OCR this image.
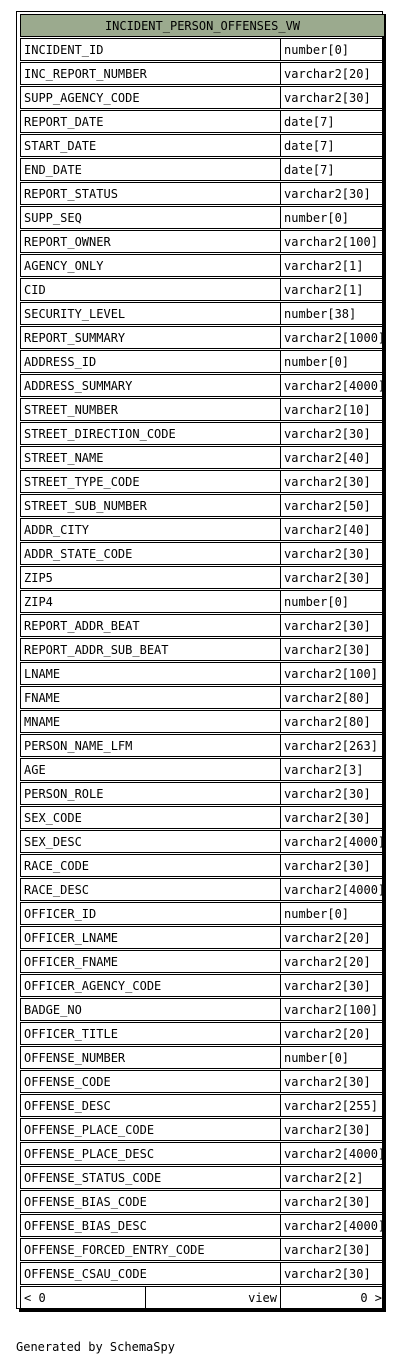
INCIDENT_PERSON_OFFENSES_VW
INCIDENT_ID	number[0]
INC_REPORT_NUMBER	varchar2[20]
SUPP_AGENCY_CODE	varchar2[30]
REPORT_DATE	date[7]
START_DATE	date[7]
END_DATE	date[7]
REPORT_STATUS	varchar2[30]
SUPP_SEQ	number[0]
REPORT_OWNER	varchar2[100]
AGENCY_ONLY	varchar2[1]
CID	varchar2[1]
SECURITY_LEVEL	number[38]
REPORT_SUMMARY	varchar2[1000]
ADDRESS_ID	number[0]
ADDRESS_SUMMARY	varchar2[4000]
STREET_NUMBER	varchar2[10]
STREET_DIRECTION_CODE	varchar2[30]
STREET_NAME	varchar2[40]
STREET_TYPE_CODE	varchar2[30]
STREET_SUB_NUMBER	varchar2[50]
ADDR_CITY	varchar2[40]
ADDR_STATE_CODE	varchar2[30]
ZIP5	varchar2[30]
ZIP4	number[0]
REPORT_ADDR_BEAT	varchar2[30]
REPORT_ADDR_SUB_BEAT	varchar2[30]
LNAME	varchar2[100]
FNAME	varchar2[80]
MNAME	varchar2[80]
PERSON_NAME_LFM	varchar2[263]
AGE	varchar2[3]
PERSON_ROLE	varchar2[30]
SEX_CODE	varchar2[30]
SEX_DESC	varchar2[4000]
RACE_CODE	varchar2[30]
RACE_DESC	varchar2[4000]
OFFICER_ID	number[0]
OFFICER_LNAME	varchar2[20]
OFFICER_FNAME	varchar2[20]
OFFICER_AGENCY_CODE	varchar2[30]
BADGE_NO	varchar2[100]
OFFICER_TITLE	varchar2[20]
OFFENSE_NUMBER	number[0]
OFFENSE_CODE	varchar2[30]
OFFENSE_DESC	varchar2[255]
OFFENSE_PLACE_CODE	varchar2[30]
OFFENSE_PLACE_DESC	varchar2[4000]
OFFENSE_STATUS_CODE	varchar2[2]
OFFENSE_BIAS_CODE	varchar2[30]
OFFENSE_BIAS_DESC	varchar2[4000]
OFFENSE_FORCED_ENTRY_CODE	varchar2[30]
OFFENSE_CSAU_CODE	varchar2[30]
< 0	view	0 >
Generated by SchemaSpy
